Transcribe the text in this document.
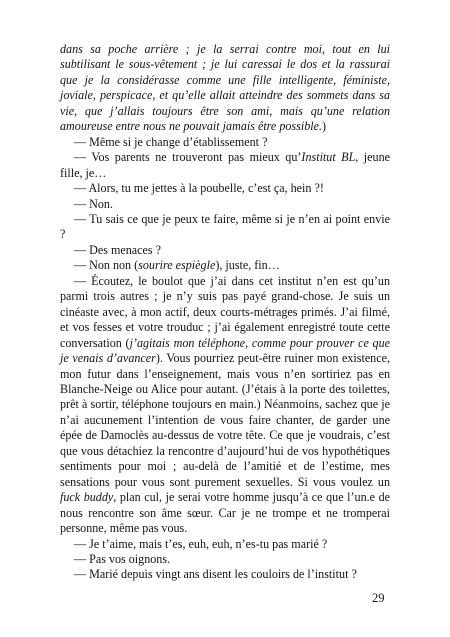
dans sa poche arrière ; je la serrai contre moi, tout en lui subtilisant le sous-vêtement ; je lui caressai le dos et la rassurai que je la considérasse comme une fille intelligente, féministe, joviale, perspicace, et qu’elle allait atteindre des sommets dans sa vie, que j’allais toujours être son ami, mais qu’une relation amoureuse entre nous ne pouvait jamais être possible.)

— Même si je change d’établissement ?

— Vos parents ne trouveront pas mieux qu’Institut BL, jeune fille, je…

— Alors, tu me jettes à la poubelle, c’est ça, hein ?!

— Non.

— Tu sais ce que je peux te faire, même si je n’en ai point envie ?

— Des menaces ?

— Non non (sourire espiègle), juste, fin…

— Écoutez, le boulot que j’ai dans cet institut n’en est qu’un parmi trois autres ; je n’y suis pas payé grand-chose. Je suis un cinéaste avec, à mon actif, deux courts-métrages primés. J’ai filmé, et vos fesses et votre trouduc ; j’ai également enregistré toute cette conversation (j’agitais mon téléphone, comme pour prouver ce que je venais d’avancer). Vous pourriez peut-être ruiner mon existence, mon futur dans l’enseignement, mais vous n’en sortiriez pas en Blanche-Neige ou Alice pour autant. (J’étais à la porte des toilettes, prêt à sortir, téléphone toujours en main.) Néanmoins, sachez que je n’ai aucunement l’intention de vous faire chanter, de garder une épée de Damoclès au-dessus de votre tête. Ce que je voudrais, c’est que vous détachiez la rencontre d’aujourd’hui de vos hypothétiques sentiments pour moi ; au-delà de l’amitié et de l’estime, mes sensations pour vous sont purement sexuelles. Si vous voulez un fuck buddy, plan cul, je serai votre homme jusqu’à ce que l’un.e de nous rencontre son âme sœur. Car je ne trompe et ne tromperai personne, même pas vous.

— Je t’aime, mais t’es, euh, euh, n’es-tu pas marié ?

— Pas vos oignons.

— Marié depuis vingt ans disent les couloirs de l’institut ?

29
